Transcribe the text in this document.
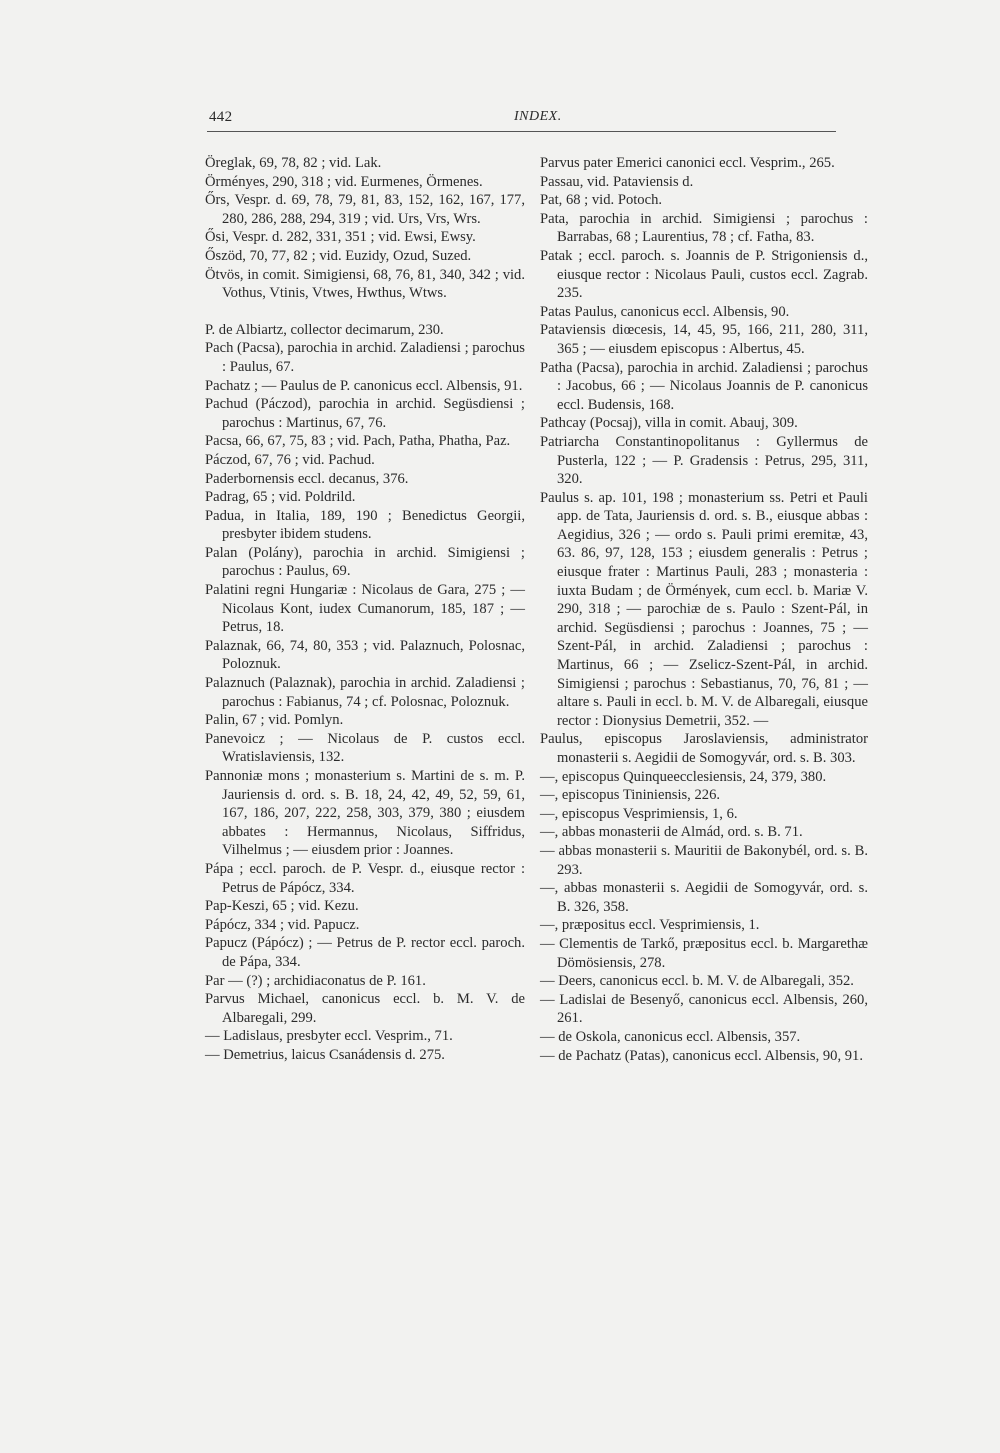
442	INDEX.
Öreglak, 69, 78, 82 ; vid. Lak.
Örményes, 290, 318 ; vid. Eurmenes, Örmenes.
Őrs, Vespr. d. 69, 78, 79, 81, 83, 152, 162, 167, 177, 280, 286, 288, 294, 319 ; vid. Urs, Vrs, Wrs.
Ősi, Vespr. d. 282, 331, 351 ; vid. Ewsi, Ewsy.
Őszöd, 70, 77, 82 ; vid. Euzidy, Ozud, Suzed.
Ötvös, in comit. Simigiensi, 68, 76, 81, 340, 342 ; vid. Vothus, Vtinis, Vtwes, Hwthus, Wtws.
P. de Albiartz, collector decimarum, 230.
Pach (Pacsa), parochia in archid. Zaladiensi ; parochus : Paulus, 67.
Pachatz ; — Paulus de P. canonicus eccl. Albensis, 91.
Pachud (Páczod), parochia in archid. Següsdiensi ; parochus : Martinus, 67, 76.
Pacsa, 66, 67, 75, 83 ; vid. Pach, Patha, Phatha, Paz.
Páczod, 67, 76 ; vid. Pachud.
Paderbornensis eccl. decanus, 376.
Padrag, 65 ; vid. Poldrild.
Padua, in Italia, 189, 190 ; Benedictus Georgii, presbyter ibidem studens.
Palan (Polány), parochia in archid. Simigiensi ; parochus : Paulus, 69.
Palatini regni Hungariæ : Nicolaus de Gara, 275 ; — Nicolaus Kont, iudex Cumanorum, 185, 187 ; — Petrus, 18.
Palaznak, 66, 74, 80, 353 ; vid. Palaznuch, Polosnac, Poloznuk.
Palaznuch (Palaznak), parochia in archid. Zaladiensi ; parochus : Fabianus, 74 ; cf. Polosnac, Poloznuk.
Palin, 67 ; vid. Pomlyn.
Panevoicz ; — Nicolaus de P. custos eccl. Wratislaviensis, 132.
Pannoniæ mons ; monasterium s. Martini de s. m. P. Jauriensis d. ord. s. B. 18, 24, 42, 49, 52, 59, 61, 167, 186, 207, 222, 258, 303, 379, 380 ; eiusdem abbates : Hermannus, Nicolaus, Siffridus, Vilhelmus ; — eiusdem prior : Joannes.
Pápa ; eccl. paroch. de P. Vespr. d., eiusque rector : Petrus de Pápócz, 334.
Pap-Keszi, 65 ; vid. Kezu.
Pápócz, 334 ; vid. Papucz.
Papucz (Pápócz) ; — Petrus de P. rector eccl. paroch. de Pápa, 334.
Par — (?) ; archidiaconatus de P. 161.
Parvus Michael, canonicus eccl. b. M. V. de Albaregali, 299.
— Ladislaus, presbyter eccl. Vesprim., 71.
— Demetrius, laicus Csanádensis d. 275.
Parvus pater Emerici canonici eccl. Vesprim., 265.
Passau, vid. Pataviensis d.
Pat, 68 ; vid. Potoch.
Pata, parochia in archid. Simigiensi ; parochus : Barrabas, 68 ; Laurentius, 78 ; cf. Fatha, 83.
Patak ; eccl. paroch. s. Joannis de P. Strigoniensis d., eiusque rector : Nicolaus Pauli, custos eccl. Zagrab. 235.
Patas Paulus, canonicus eccl. Albensis, 90.
Pataviensis diœcesis, 14, 45, 95, 166, 211, 280, 311, 365 ; — eiusdem episcopus : Albertus, 45.
Patha (Pacsa), parochia in archid. Zaladiensi ; parochus : Jacobus, 66 ; — Nicolaus Joannis de P. canonicus eccl. Budensis, 168.
Pathcay (Pocsaj), villa in comit. Abauj, 309.
Patriarcha Constantinopolitanus : Gyllermus de Pusterla, 122 ; — P. Gradensis : Petrus, 295, 311, 320.
Paulus s. ap. 101, 198 ; monasterium ss. Petri et Pauli app. de Tata, Jauriensis d. ord. s. B., eiusque abbas : Aegidius, 326 ; — ordo s. Pauli primi eremitæ, 43, 63. 86, 97, 128, 153 ; eiusdem generalis : Petrus ; eiusque frater : Martinus Pauli, 283 ; monasteria : iuxta Budam ; de Örmények, cum eccl. b. Mariæ V. 290, 318 ; — parochiæ de s. Paulo : Szent-Pál, in archid. Següsdiensi ; parochus : Joannes, 75 ; — Szent-Pál, in archid. Zaladiensi ; parochus : Martinus, 66 ; — Zselicz-Szent-Pál, in archid. Simigiensi ; parochus : Sebastianus, 70, 76, 81 ; — altare s. Pauli in eccl. b. M. V. de Albaregali, eiusque rector : Dionysius Demetrii, 352. —
Paulus, episcopus Jaroslaviensis, administrator monasterii s. Aegidii de Somogyvár, ord. s. B. 303.
—, episcopus Quinqueecclesiensis, 24, 379, 380.
—, episcopus Tininiensis, 226.
—, episcopus Vesprimiensis, 1, 6.
—, abbas monasterii de Almád, ord. s. B. 71.
— abbas monasterii s. Mauritii de Bakonybél, ord. s. B. 293.
—, abbas monasterii s. Aegidii de Somogyvár, ord. s. B. 326, 358.
—, præpositus eccl. Vesprimiensis, 1.
— Clementis de Tarkő, præpositus eccl. b. Margarethæ Dömösiensis, 278.
— Deers, canonicus eccl. b. M. V. de Albaregali, 352.
— Ladislai de Besenyő, canonicus eccl. Albensis, 260, 261.
— de Oskola, canonicus eccl. Albensis, 357.
— de Pachatz (Patas), canonicus eccl. Albensis, 90, 91.
